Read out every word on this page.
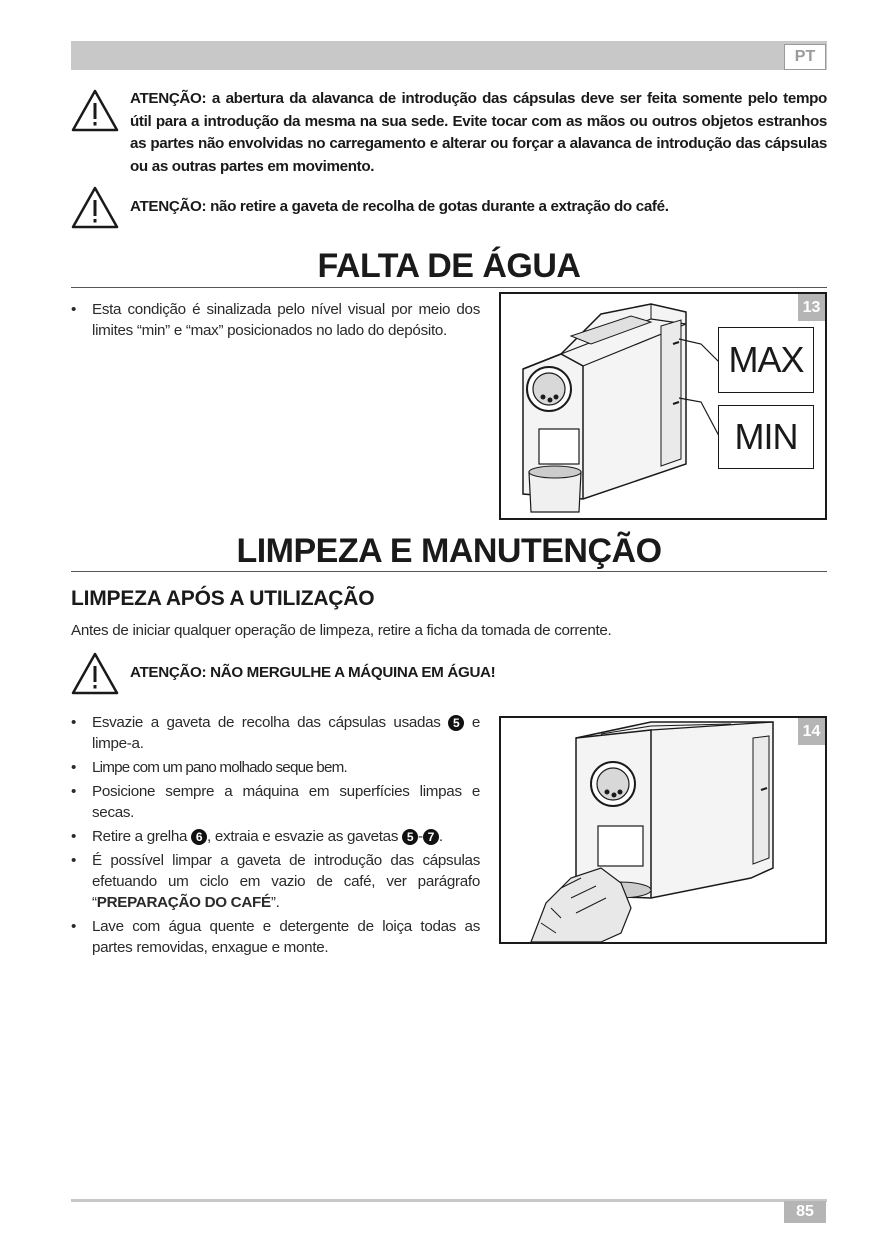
PT
ATENÇÃO: a abertura da alavanca de introdução das cápsulas deve ser feita somente pelo tempo útil para a introdução da mesma na sua sede. Evite tocar com as mãos ou outros objetos estranhos as partes não envolvidas no carregamento e alterar ou forçar a alavanca de introdução das cápsulas ou as outras partes em movimento.
ATENÇÃO: não retire a gaveta de recolha de gotas durante a extração do café.
FALTA DE ÁGUA
• Esta condição é sinalizada pelo nível visual por meio dos limites “min” e “max” posicionados no lado do depósito.
13
MAX
MIN
LIMPEZA E MANUTENÇÃO
LIMPEZA APÓS A UTILIZAÇÃO
Antes de iniciar qualquer operação de limpeza, retire a ficha da tomada de corrente.
ATENÇÃO: NÃO MERGULHE A MÁQUINA EM ÁGUA!
• Esvazie a gaveta de recolha das cápsulas usadas 5 e limpe-a.
• Limpe com um pano molhado seque bem.
• Posicione sempre a máquina em superfícies limpas e secas.
• Retire a grelha 6 , extraia e esvazie as gavetas 5 - 7 .
• É possível limpar a gaveta de introdução das cápsulas efetuando um ciclo em vazio de café, ver parágrafo “PREPARAÇÃO DO CAFÉ”.
• Lave com água quente e detergente de loiça todas as partes removidas, enxague e monte.
14
85
